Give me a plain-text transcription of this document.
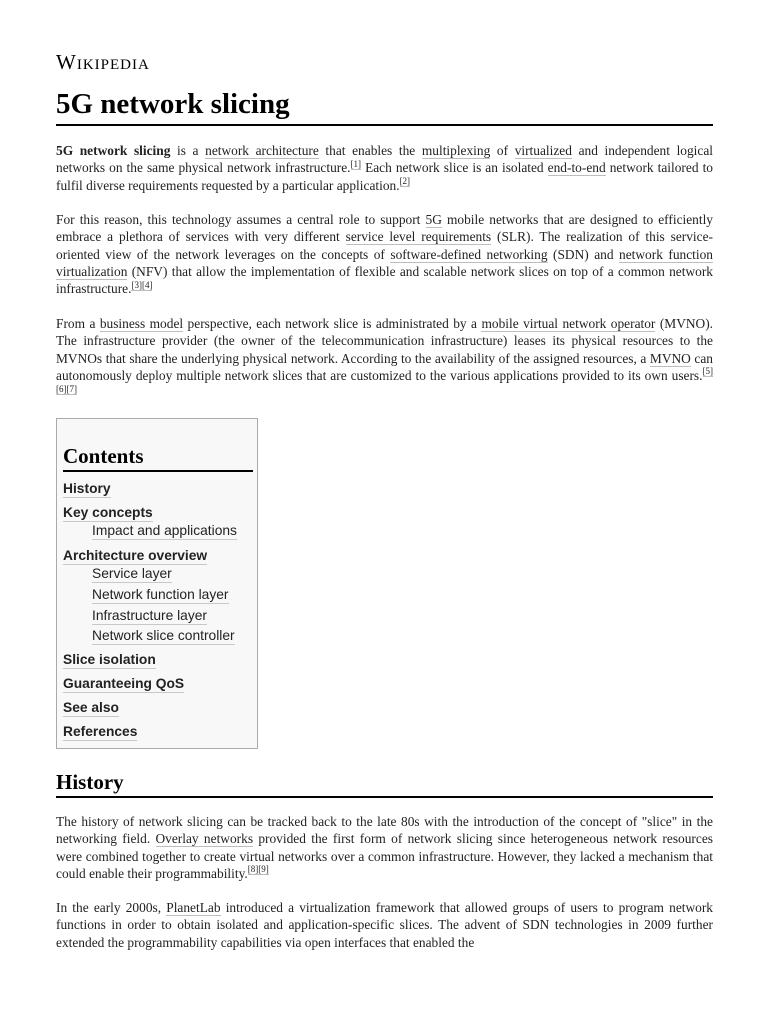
Wikipedia
5G network slicing

5G network slicing is a network architecture that enables the multiplexing of virtualized and independent logical networks on the same physical network infrastructure.[1] Each network slice is an isolated end-to-end network tailored to fulfil diverse requirements requested by a particular application.[2]

For this reason, this technology assumes a central role to support 5G mobile networks that are designed to efficiently embrace a plethora of services with very different service level requirements (SLR). The realization of this service-oriented view of the network leverages on the concepts of software-defined networking (SDN) and network function virtualization (NFV) that allow the implementation of flexible and scalable network slices on top of a common network infrastructure.[3][4]

From a business model perspective, each network slice is administrated by a mobile virtual network operator (MVNO). The infrastructure provider (the owner of the telecommunication infrastructure) leases its physical resources to the MVNOs that share the underlying physical network. According to the availability of the assigned resources, a MVNO can autonomously deploy multiple network slices that are customized to the various applications provided to its own users.[5][6][7]

Contents
History
Key concepts
Impact and applications
Architecture overview
Service layer
Network function layer
Infrastructure layer
Network slice controller
Slice isolation
Guaranteeing QoS
See also
References
History

The history of network slicing can be tracked back to the late 80s with the introduction of the concept of "slice" in the networking field. Overlay networks provided the first form of network slicing since heterogeneous network resources were combined together to create virtual networks over a common infrastructure. However, they lacked a mechanism that could enable their programmability.[8][9]

In the early 2000s, PlanetLab introduced a virtualization framework that allowed groups of users to program network functions in order to obtain isolated and application-specific slices. The advent of SDN technologies in 2009 further extended the programmability capabilities via open interfaces that enabled the
